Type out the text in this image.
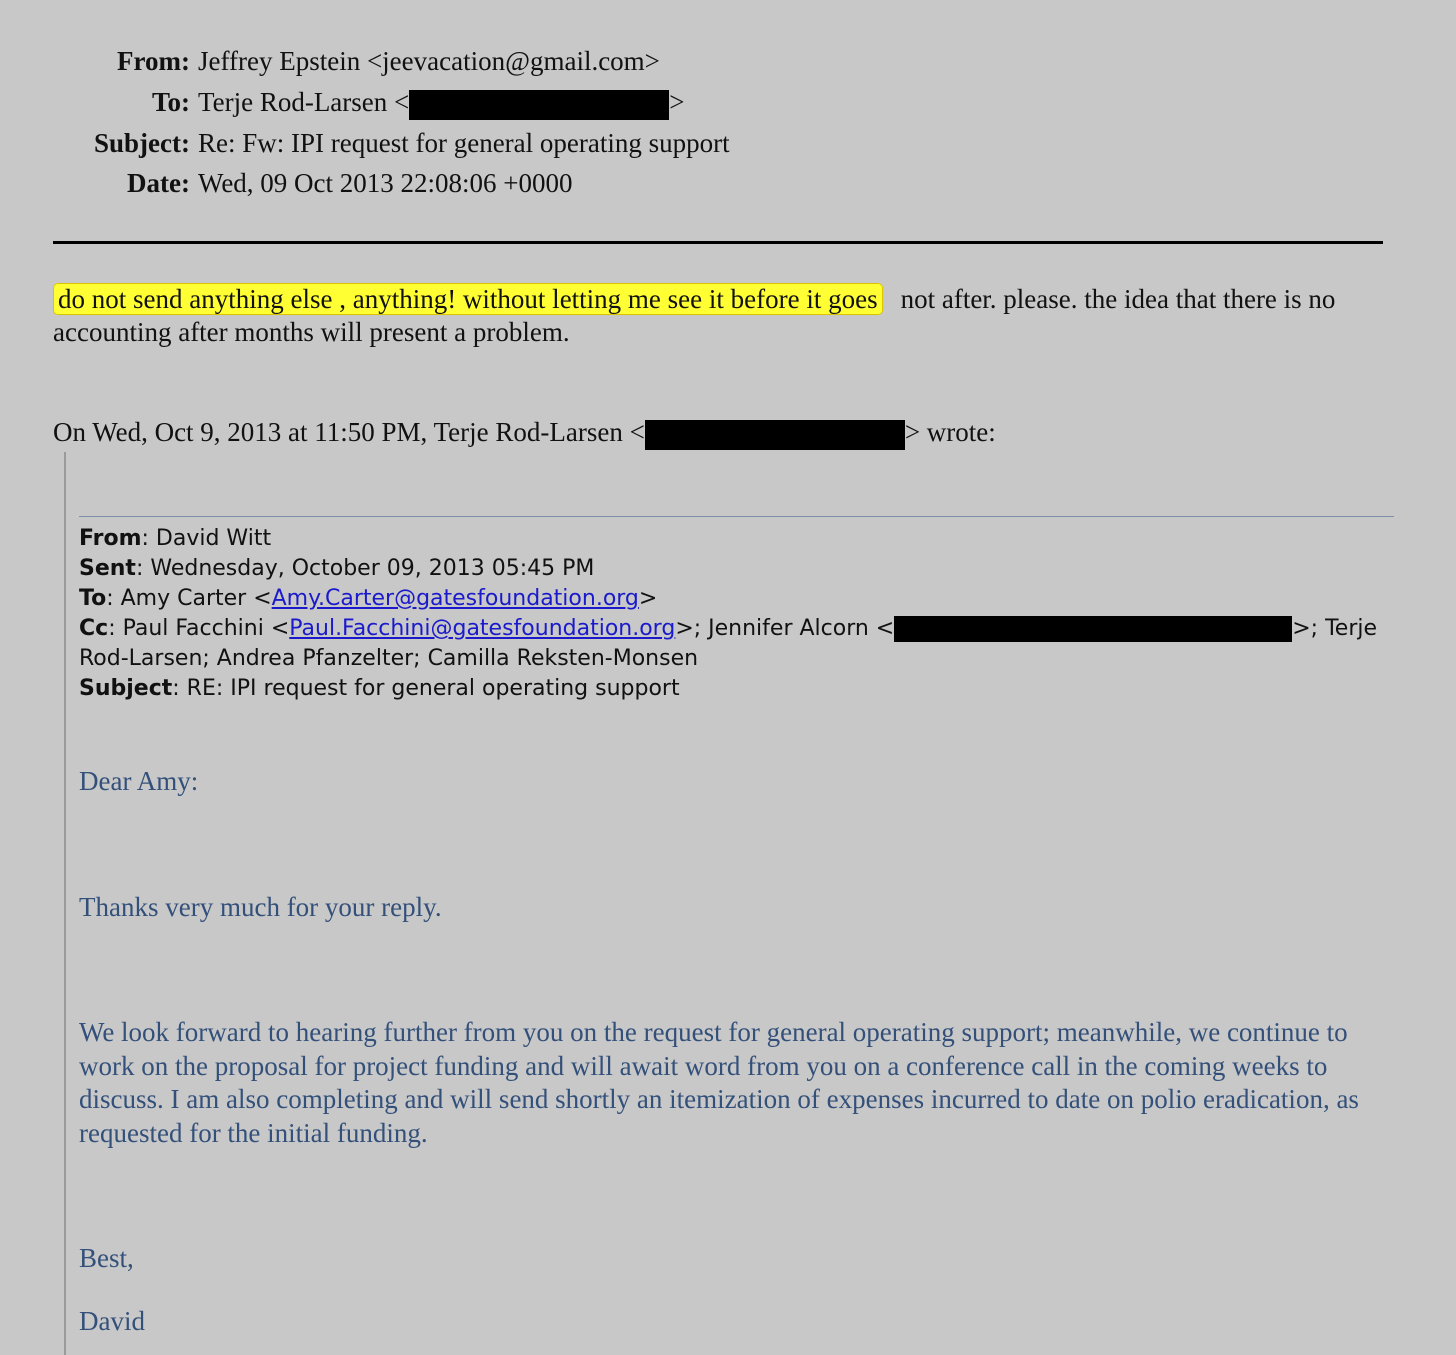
From: Jeffrey Epstein <jeevacation@gmail.com>
To: Terje Rod-Larsen <	>
Subject: Re: Fw: IPI request for general operating support
Date: Wed, 09 Oct 2013 22:08:06 +0000
do not send anything else , anything! without letting me see it before it goes not after. please. the idea that there is no accounting after months will present a problem.
On Wed, Oct 9, 2013 at 11:50 PM, Terje Rod-Larsen <	> wrote:
From: David Witt
Sent: Wednesday, October 09, 2013 05:45 PM
To: Amy Carter <Amy.Carter@gatesfoundation.org>
Cc: Paul Facchini <Paul.Facchini@gatesfoundation.org>; Jennifer Alcorn <	>; Terje Rod-Larsen; Andrea Pfanzelter; Camilla Reksten-Monsen
Subject: RE: IPI request for general operating support
Dear Amy:
Thanks very much for your reply.
We look forward to hearing further from you on the request for general operating support; meanwhile, we continue to work on the proposal for project funding and will await word from you on a conference call in the coming weeks to discuss. I am also completing and will send shortly an itemization of expenses incurred to date on polio eradication, as requested for the initial funding.
Best,
David
